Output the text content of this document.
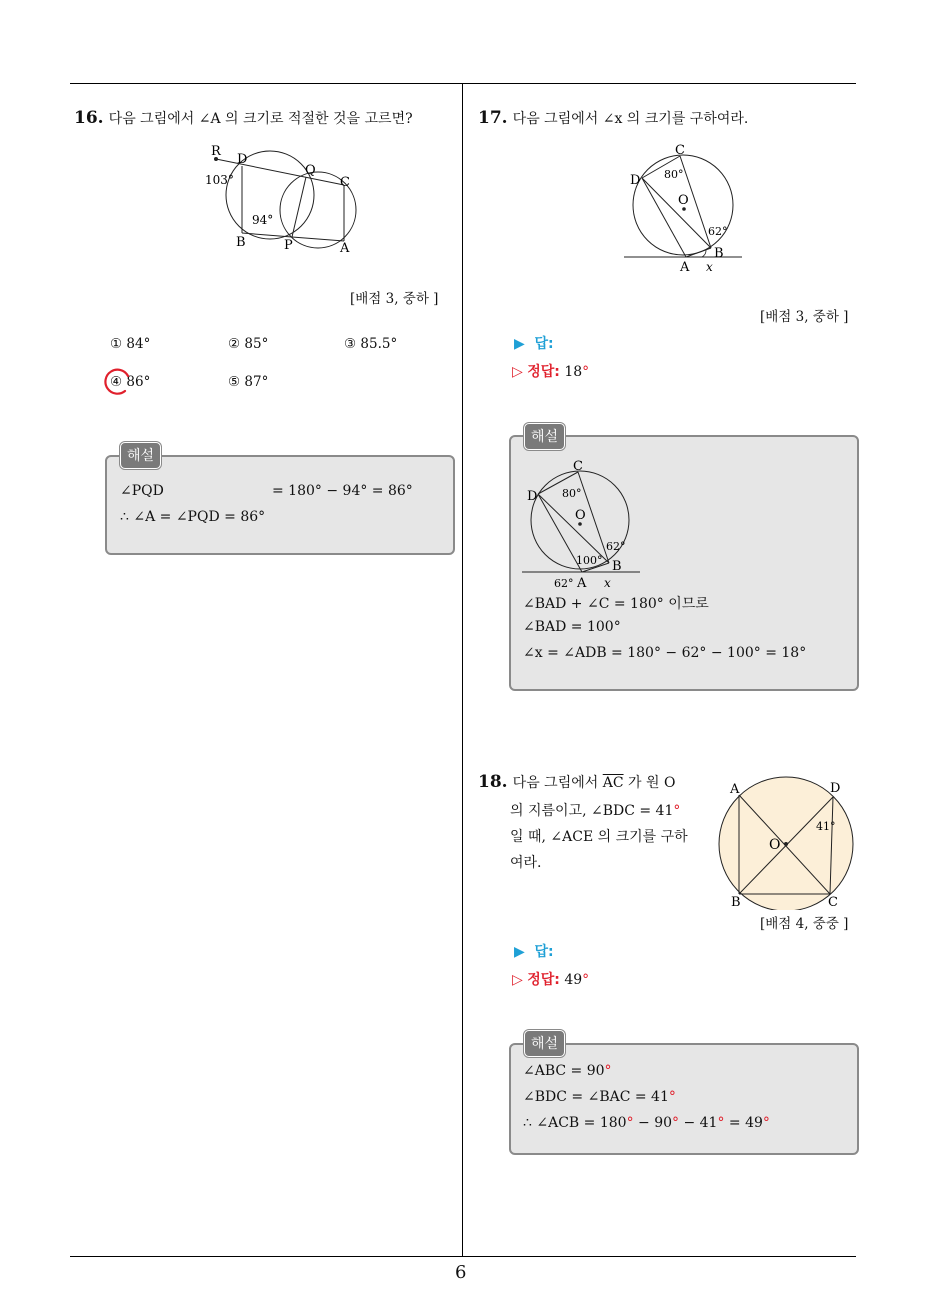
6
16. 다음 그림에서 ∠A 의 크기로 적절한 것을 고르면?
R
D
Q
C
B	P	A
103°
94°
[배점 3, 중하 ]
① 84°	② 85°	③ 85.5°
④ 86°	⑤ 87°
해설
∠PQD	= 180° − 94° = 86°
∴ ∠A = ∠PQD = 86°
17. 다음 그림에서 ∠x 의 크기를 구하여라.
C
D
O
B
A x
80°
62°
[배점 3, 중하 ]
▶ 답:
▷ 정답: 18°
해설
C
D
O
B
A x
80°
62°
100°
62°
∠BAD + ∠C = 180° 이므로
∠BAD = 100°
∠x = ∠ADB = 180° − 62° − 100° = 18°
18. 다음 그림에서 $\overline{AC}$ 가 원 O
의 지름이고, ∠BDC = 41°
일 때, ∠ACE 의 크기를 구하
여라.
A	D
O
B	C
41°
[배점 4, 중중 ]
▶ 답:
▷ 정답: 49°
해설
∠ABC = 90°
∠BDC = ∠BAC = 41°
∴ ∠ACB = 180° − 90° − 41° = 49°
